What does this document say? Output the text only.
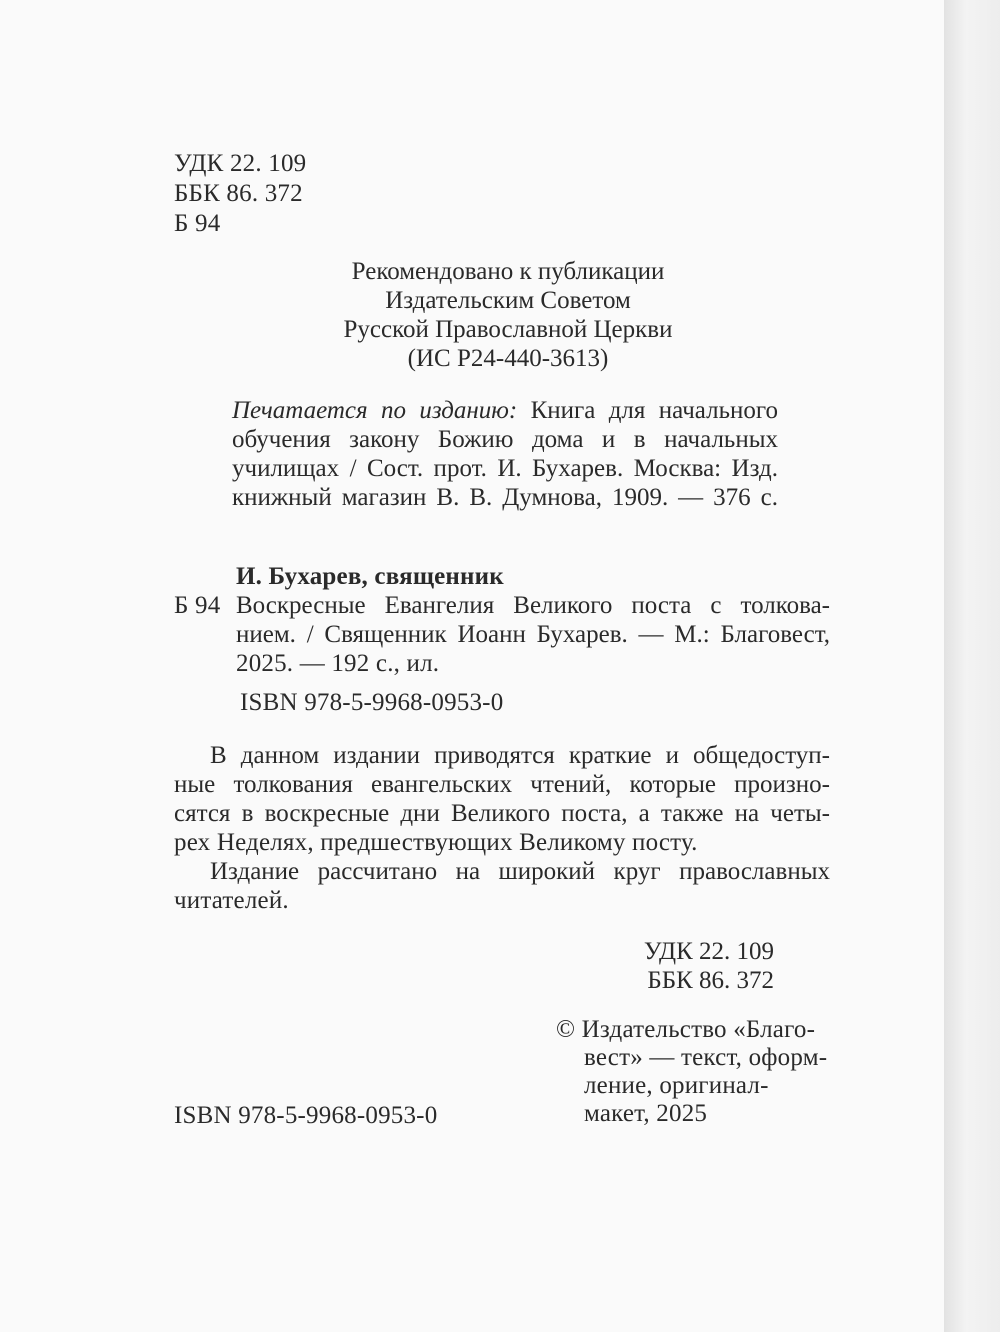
УДК 22. 109
ББК 86. 372
Б 94
Рекомендовано к публикации
Издательским Советом
Русской Православной Церкви
(ИС Р24-440-3613)
Печатается по изданию: Книга для начального
обучения закону Божию дома и в начальных
училищах / Сост. прот. И. Бухарев. Москва: Изд.
книжный магазин В. В. Думнова, 1909. — 376 с.
И. Бухарев, священник
Б 94 Воскресные Евангелия Великого поста с толкова-
нием. / Священник Иоанн Бухарев. — М.: Благовест,
2025. — 192 с., ил.
ISBN 978-5-9968-0953-0
В данном издании приводятся краткие и общедоступ-
ные толкования евангельских чтений, которые произно-
сятся в воскресные дни Великого поста, а также на четы-
рех Неделях, предшествующих Великому посту.
Издание рассчитано на широкий круг православных
читателей.
УДК 22. 109
ББК 86. 372
ISBN 978-5-9968-0953-0
© Издательство «Благо-
вест» — текст, оформ-
ление, оригинал-
макет, 2025
